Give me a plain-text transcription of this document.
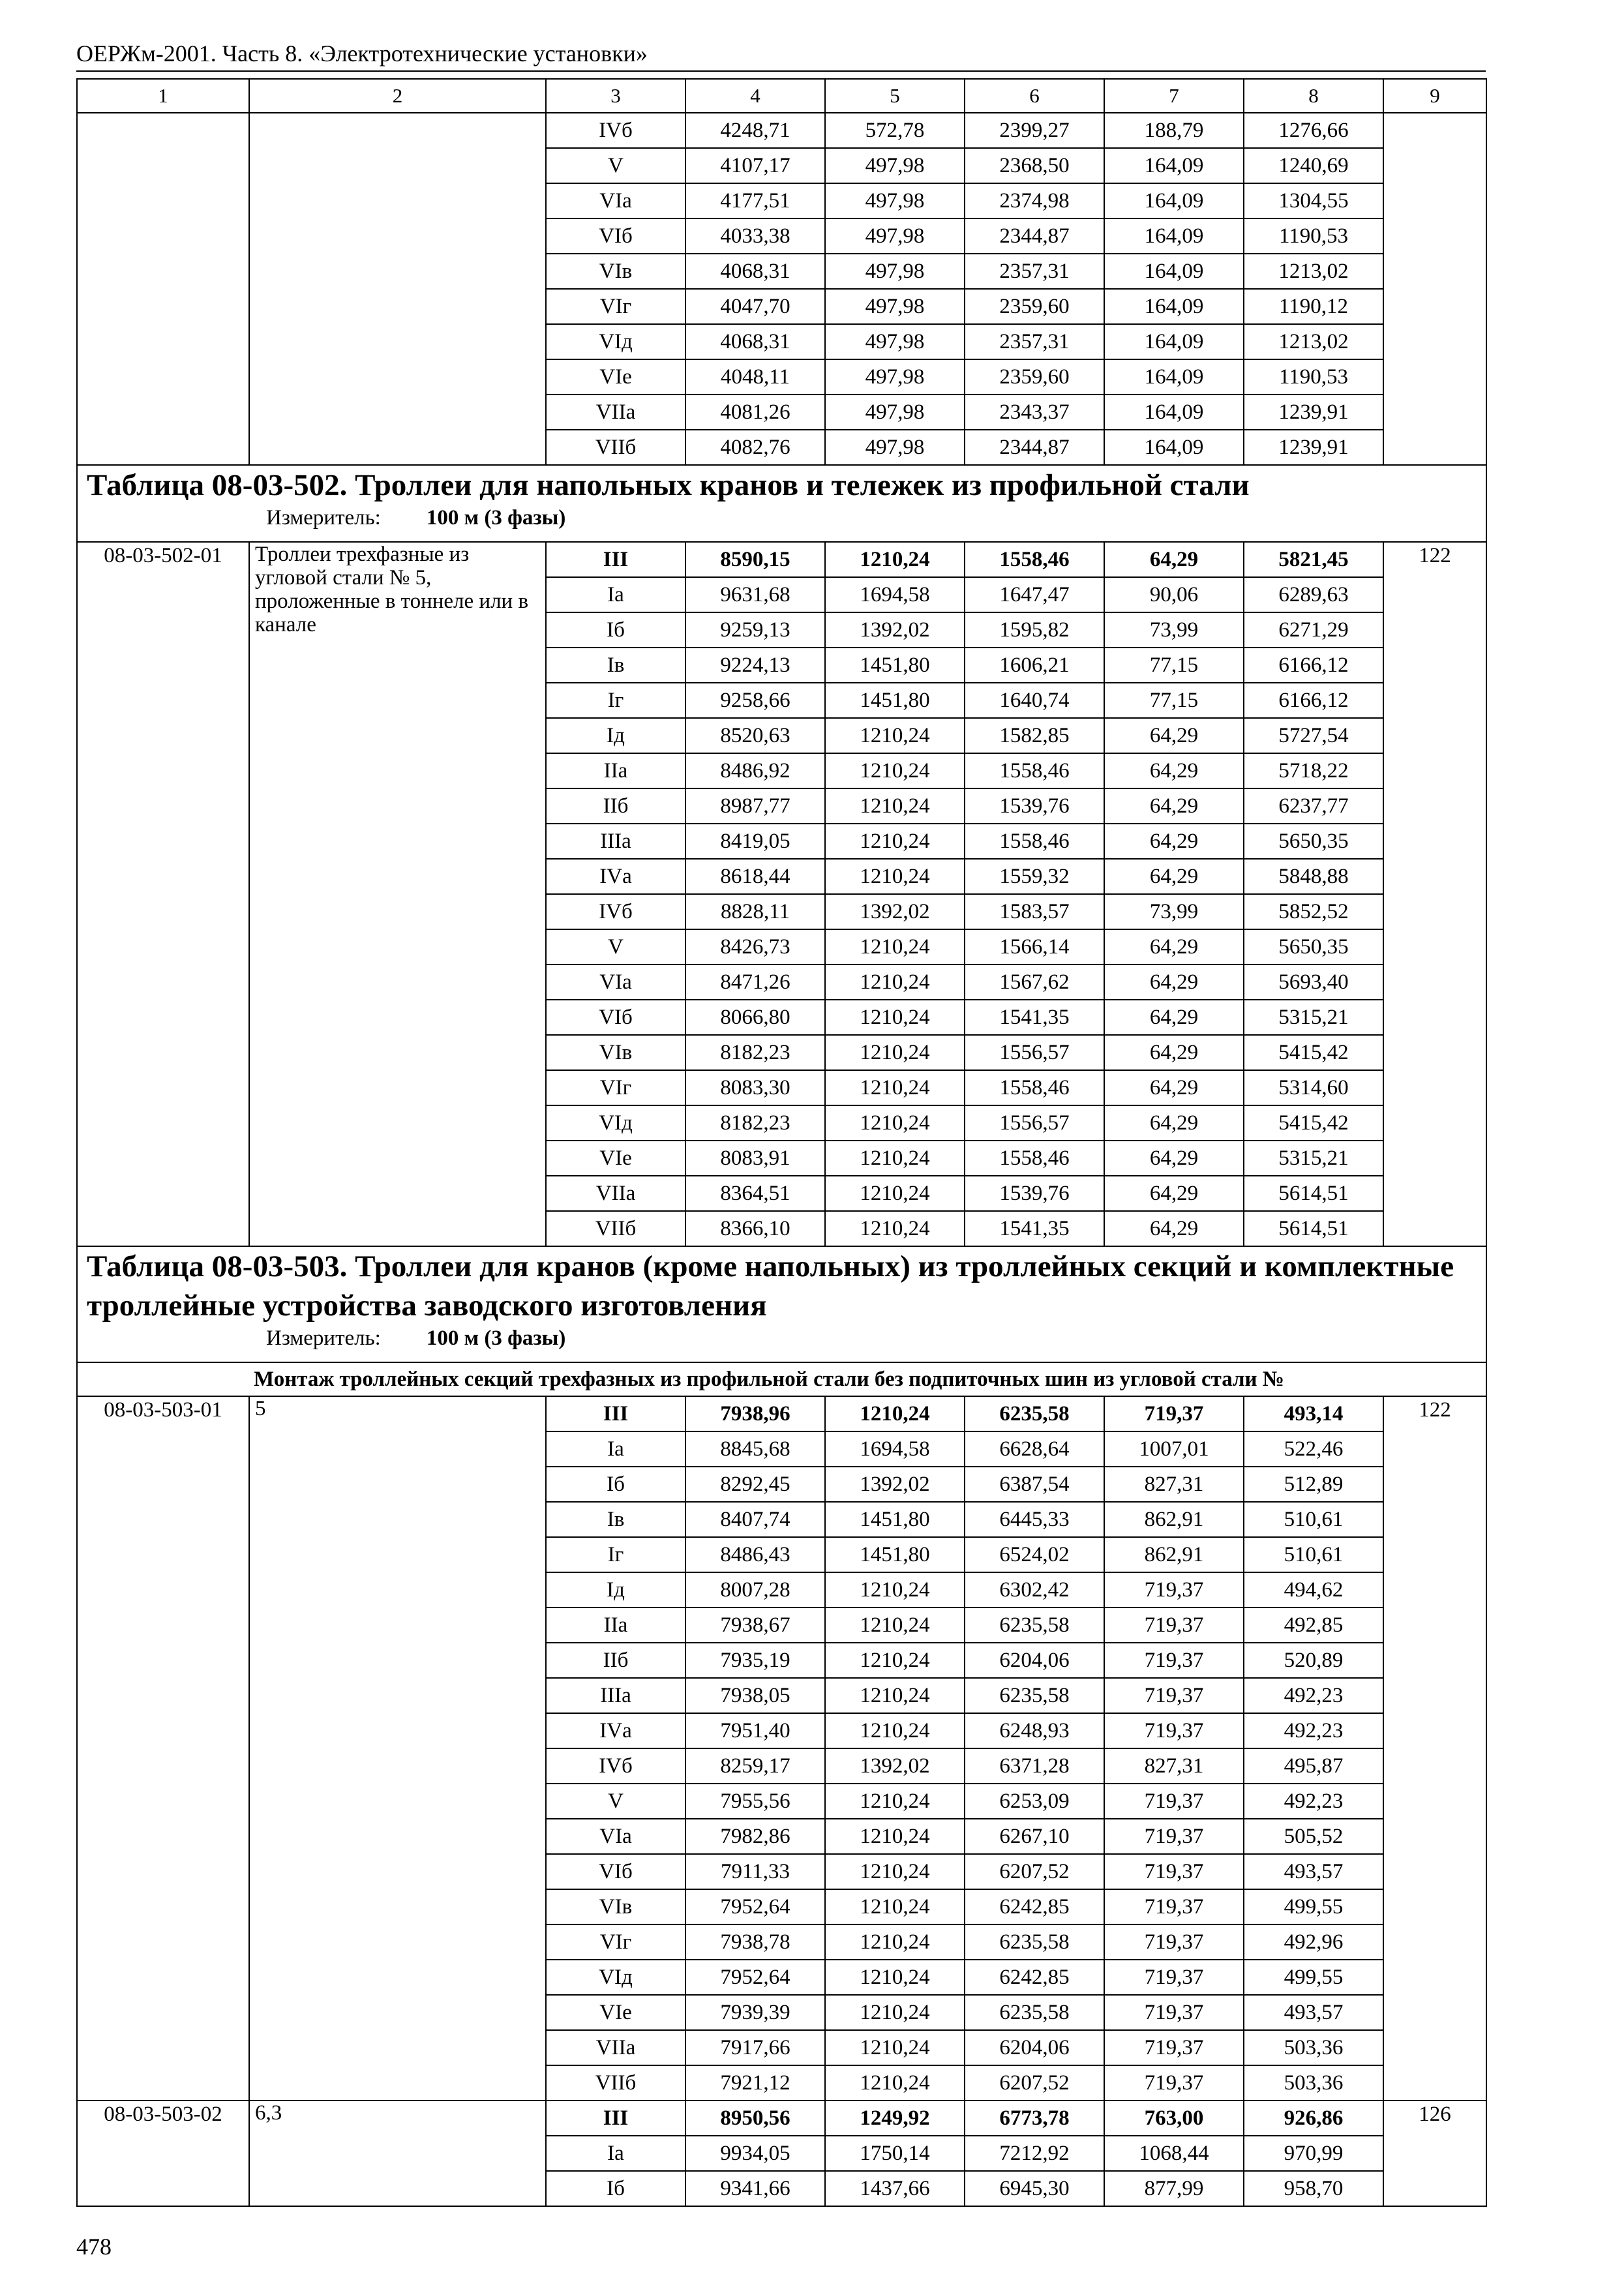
ОЕРЖм-2001. Часть 8. «Электротехнические установки»
1	2	3	4	5	6	7	8	9
		IVб	4248,71	572,78	2399,27	188,79	1276,66	
		V	4107,17	497,98	2368,50	164,09	1240,69	
		VIа	4177,51	497,98	2374,98	164,09	1304,55	
		VIб	4033,38	497,98	2344,87	164,09	1190,53	
		VIв	4068,31	497,98	2357,31	164,09	1213,02	
		VIг	4047,70	497,98	2359,60	164,09	1190,12	
		VIд	4068,31	497,98	2357,31	164,09	1213,02	
		VIе	4048,11	497,98	2359,60	164,09	1190,53	
		VIIа	4081,26	497,98	2343,37	164,09	1239,91	
		VIIб	4082,76	497,98	2344,87	164,09	1239,91	
Таблица 08-03-502. Троллеи для напольных кранов и тележек из профильной стали
Измеритель: 100 м (3 фазы)								

08-03-502-01	Троллеи трехфазные из угловой стали № 5, проложенные в тоннеле или в канале	III	8590,15	1210,24	1558,46	64,29	5821,45	122
		Iа	9631,68	1694,58	1647,47	90,06	6289,63	
		Iб	9259,13	1392,02	1595,82	73,99	6271,29	
		Iв	9224,13	1451,80	1606,21	77,15	6166,12	
		Iг	9258,66	1451,80	1640,74	77,15	6166,12	
		Iд	8520,63	1210,24	1582,85	64,29	5727,54	
		IIа	8486,92	1210,24	1558,46	64,29	5718,22	
		IIб	8987,77	1210,24	1539,76	64,29	6237,77	
		IIIа	8419,05	1210,24	1558,46	64,29	5650,35	
		IVа	8618,44	1210,24	1559,32	64,29	5848,88	
		IVб	8828,11	1392,02	1583,57	73,99	5852,52	
		V	8426,73	1210,24	1566,14	64,29	5650,35	
		VIа	8471,26	1210,24	1567,62	64,29	5693,40	
		VIб	8066,80	1210,24	1541,35	64,29	5315,21	
		VIв	8182,23	1210,24	1556,57	64,29	5415,42	
		VIг	8083,30	1210,24	1558,46	64,29	5314,60	
		VIд	8182,23	1210,24	1556,57	64,29	5415,42	
		VIе	8083,91	1210,24	1558,46	64,29	5315,21	
		VIIа	8364,51	1210,24	1539,76	64,29	5614,51	
		VIIб	8366,10	1210,24	1541,35	64,29	5614,51	
Таблица 08-03-503. Троллеи для кранов (кроме напольных) из троллейных секций и комплектные троллейные устройства заводского изготовления
Измеритель: 100 м (3 фазы)								

Монтаж троллейных секций трехфазных из профильной стали без подпиточных шин из угловой стали №								
08-03-503-01	5	III	7938,96	1210,24	6235,58	719,37	493,14	122
		Iа	8845,68	1694,58	6628,64	1007,01	522,46	
		Iб	8292,45	1392,02	6387,54	827,31	512,89	
		Iв	8407,74	1451,80	6445,33	862,91	510,61	
		Iг	8486,43	1451,80	6524,02	862,91	510,61	
		Iд	8007,28	1210,24	6302,42	719,37	494,62	
		IIа	7938,67	1210,24	6235,58	719,37	492,85	
		IIб	7935,19	1210,24	6204,06	719,37	520,89	
		IIIа	7938,05	1210,24	6235,58	719,37	492,23	
		IVа	7951,40	1210,24	6248,93	719,37	492,23	
		IVб	8259,17	1392,02	6371,28	827,31	495,87	
		V	7955,56	1210,24	6253,09	719,37	492,23	
		VIа	7982,86	1210,24	6267,10	719,37	505,52	
		VIб	7911,33	1210,24	6207,52	719,37	493,57	
		VIв	7952,64	1210,24	6242,85	719,37	499,55	
		VIг	7938,78	1210,24	6235,58	719,37	492,96	
		VIд	7952,64	1210,24	6242,85	719,37	499,55	
		VIе	7939,39	1210,24	6235,58	719,37	493,57	
		VIIа	7917,66	1210,24	6204,06	719,37	503,36	
		VIIб	7921,12	1210,24	6207,52	719,37	503,36	
08-03-503-02	6,3	III	8950,56	1249,92	6773,78	763,00	926,86	126
		Iа	9934,05	1750,14	7212,92	1068,44	970,99	
		Iб	9341,66	1437,66	6945,30	877,99	958,70	
478
